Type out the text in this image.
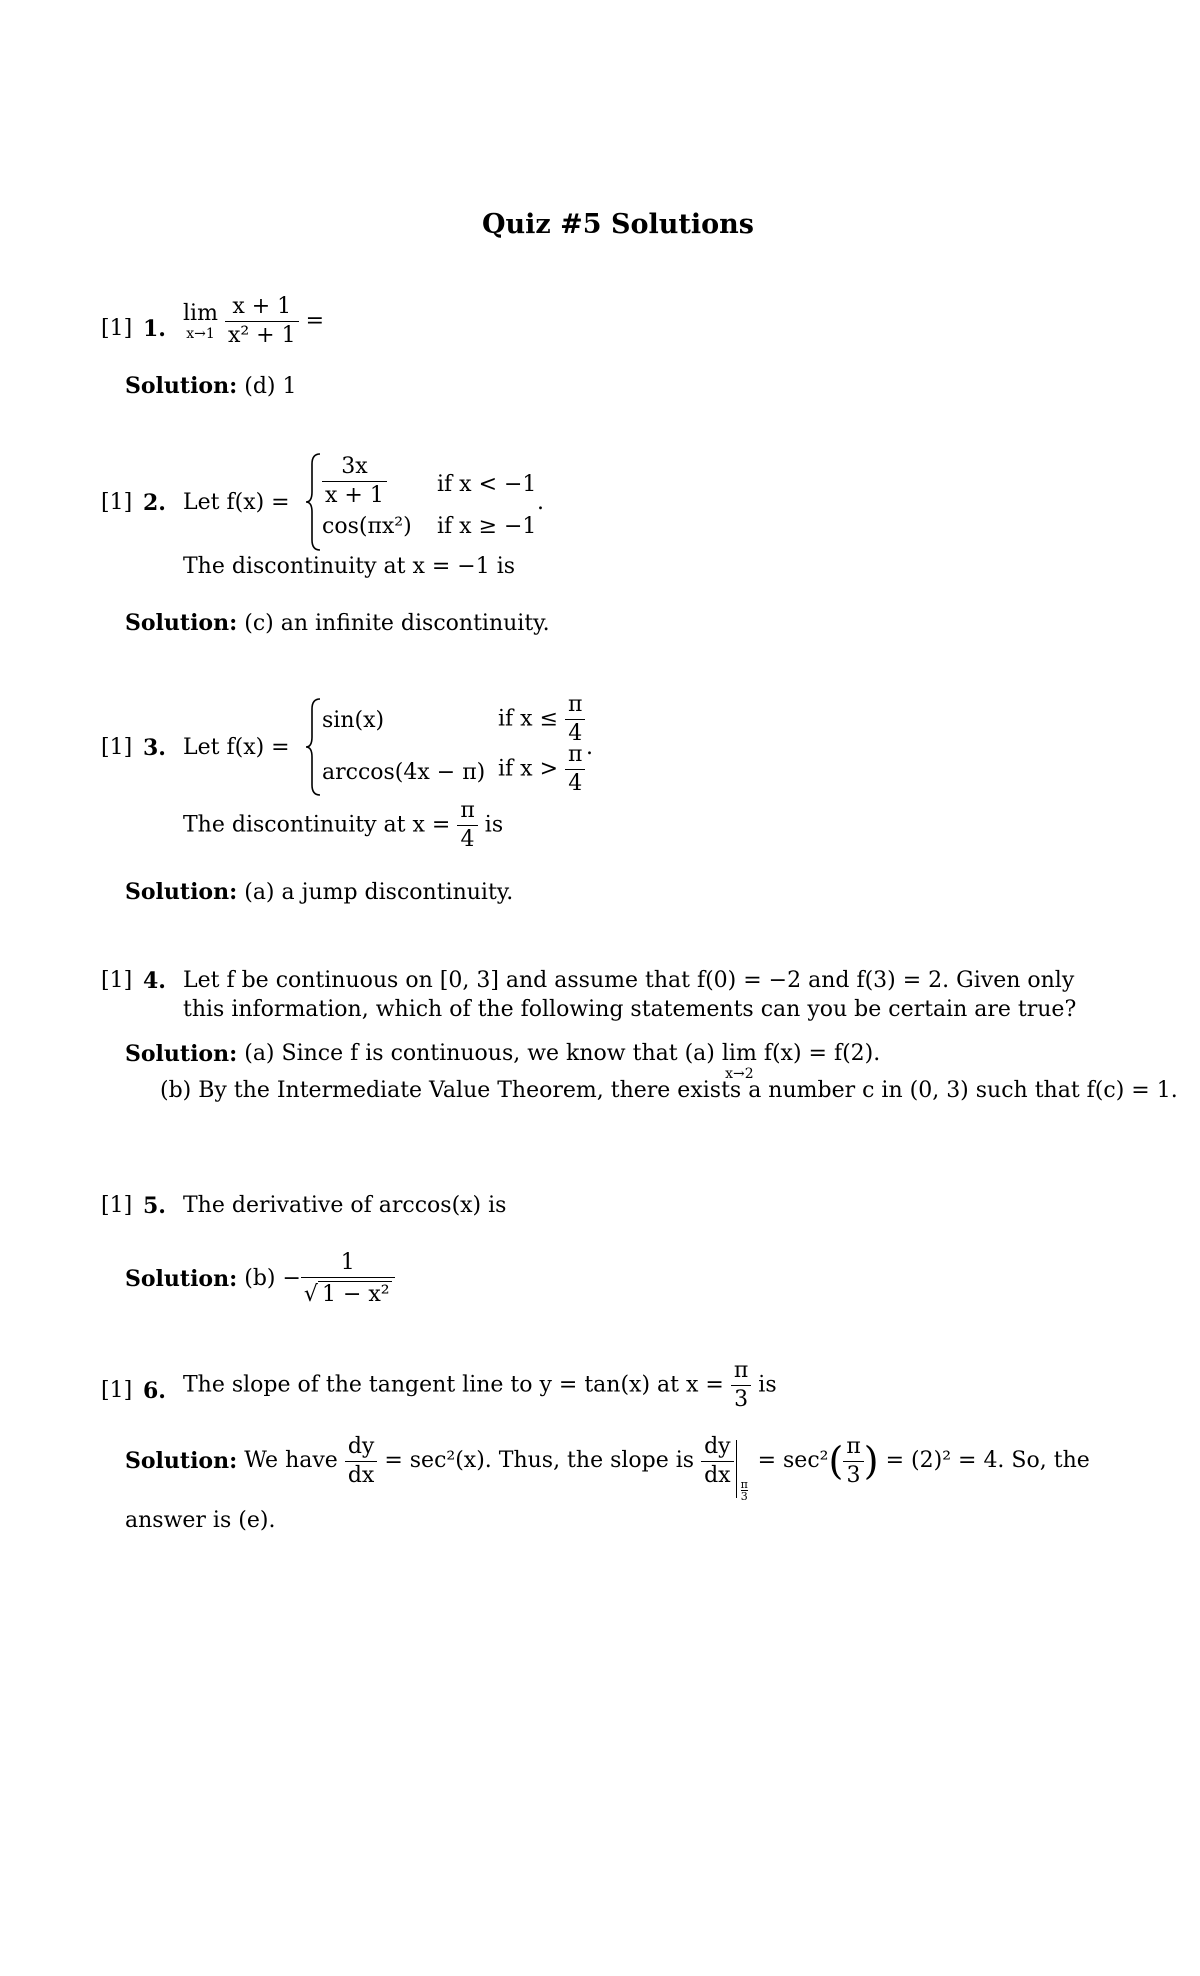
Quiz #5 Solutions
[1] 1.
lim
x→1
$\frac{x + 1}{\text{x² + 1}}$ =
Solution: (d) 1
[1] 2. Let $f(x) = \frac{3x}{x + 1}$ if x < −1
cos(πx²) if x ≥ −1
.
The discontinuity at x = −1 is
Solution: (c) an infinite discontinuity.
[1] 3. Let f(x) =
sin(x)	if $x \le \frac{\pi}{4}$
arccos(4x − π) if $x > \frac{\pi}{4}$ .
The discontinuity at $x = \frac{\pi}{4}$ is
Solution: (a) a jump discontinuity.
[1] 4. Let f be continuous on [0, 3] and assume that f(0) = −2 and f(3) = 2. Given only
this information, which of the following statements can you be certain are true?
Solution: (a) Since f is continuous, we know that (a) lim
x→2
f(x) = f(2).
(b) By the Intermediate Value Theorem, there exists a number c in (0, 3) such that f(c) = 1.
[1] 5. The derivative of arccos(x) is
Solution: $(b) - \frac{1}{\text{√ 1 − x²}}$
[1] 6. The slope of the tangent line to y = tan(x) at $x = \frac{\pi}{3}$ is
Solution: We have $\frac{dy}{dx} = \sec^2(x)$. Thus, the slope is $\frac{dy}{dx}$
$\frac{\pi}{3}$
= $\sec^2( \frac{\pi}{3}$ ) = (2)² = 4. So, the
answer is (e).
